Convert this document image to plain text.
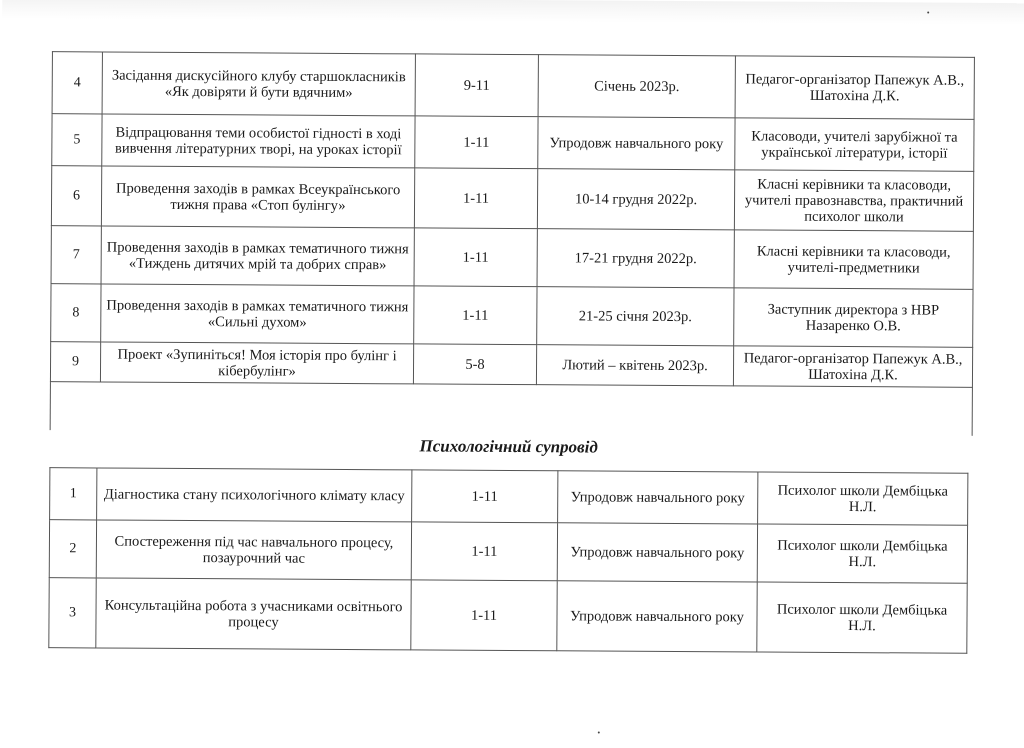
4	Засідання дискусійного клубу старшокласників «Як довіряти й бути вдячним»	9-11	Січень 2023р.	Педагог-організатор Папежук А.В., Шатохіна Д.К.
5	Відпрацювання теми особистої гідності в ході вивчення літературних творі, на уроках історії	1-11	Упродовж навчального року	Класоводи, учителі зарубіжної та української літератури, історії
6	Проведення заходів в рамках Всеукраїнського тижня права «Стоп булінгу»	1-11	10-14 грудня 2022р.	Класні керівники та класоводи, учителі правознавства, практичний психолог школи
7	Проведення заходів в рамках тематичного тижня «Тиждень дитячих мрій та добрих справ»	1-11	17-21 грудня 2022р.	Класні керівники та класоводи, учителі-предметники
8	Проведення заходів в рамках тематичного тижня «Сильні духом»	1-11	21-25 січня 2023р.	Заступник директора з НВР Назаренко О.В.
9	Проект «Зупиніться! Моя історія про булінг і кібербулінг»	5-8	Лютий – квітень 2023р.	Педагог-організатор Папежук А.В., Шатохіна Д.К.

Психологічний супровід
1	Діагностика стану психологічного клімату класу	1-11	Упродовж навчального року	Психолог школи Дембіцька Н.Л.
2	Спостереження під час навчального процесу, позаурочний час	1-11	Упродовж навчального року	Психолог школи Дембіцька Н.Л.
3	Консультаційна робота з учасниками освітнього процесу	1-11	Упродовж навчального року	Психолог школи Дембіцька Н.Л.
